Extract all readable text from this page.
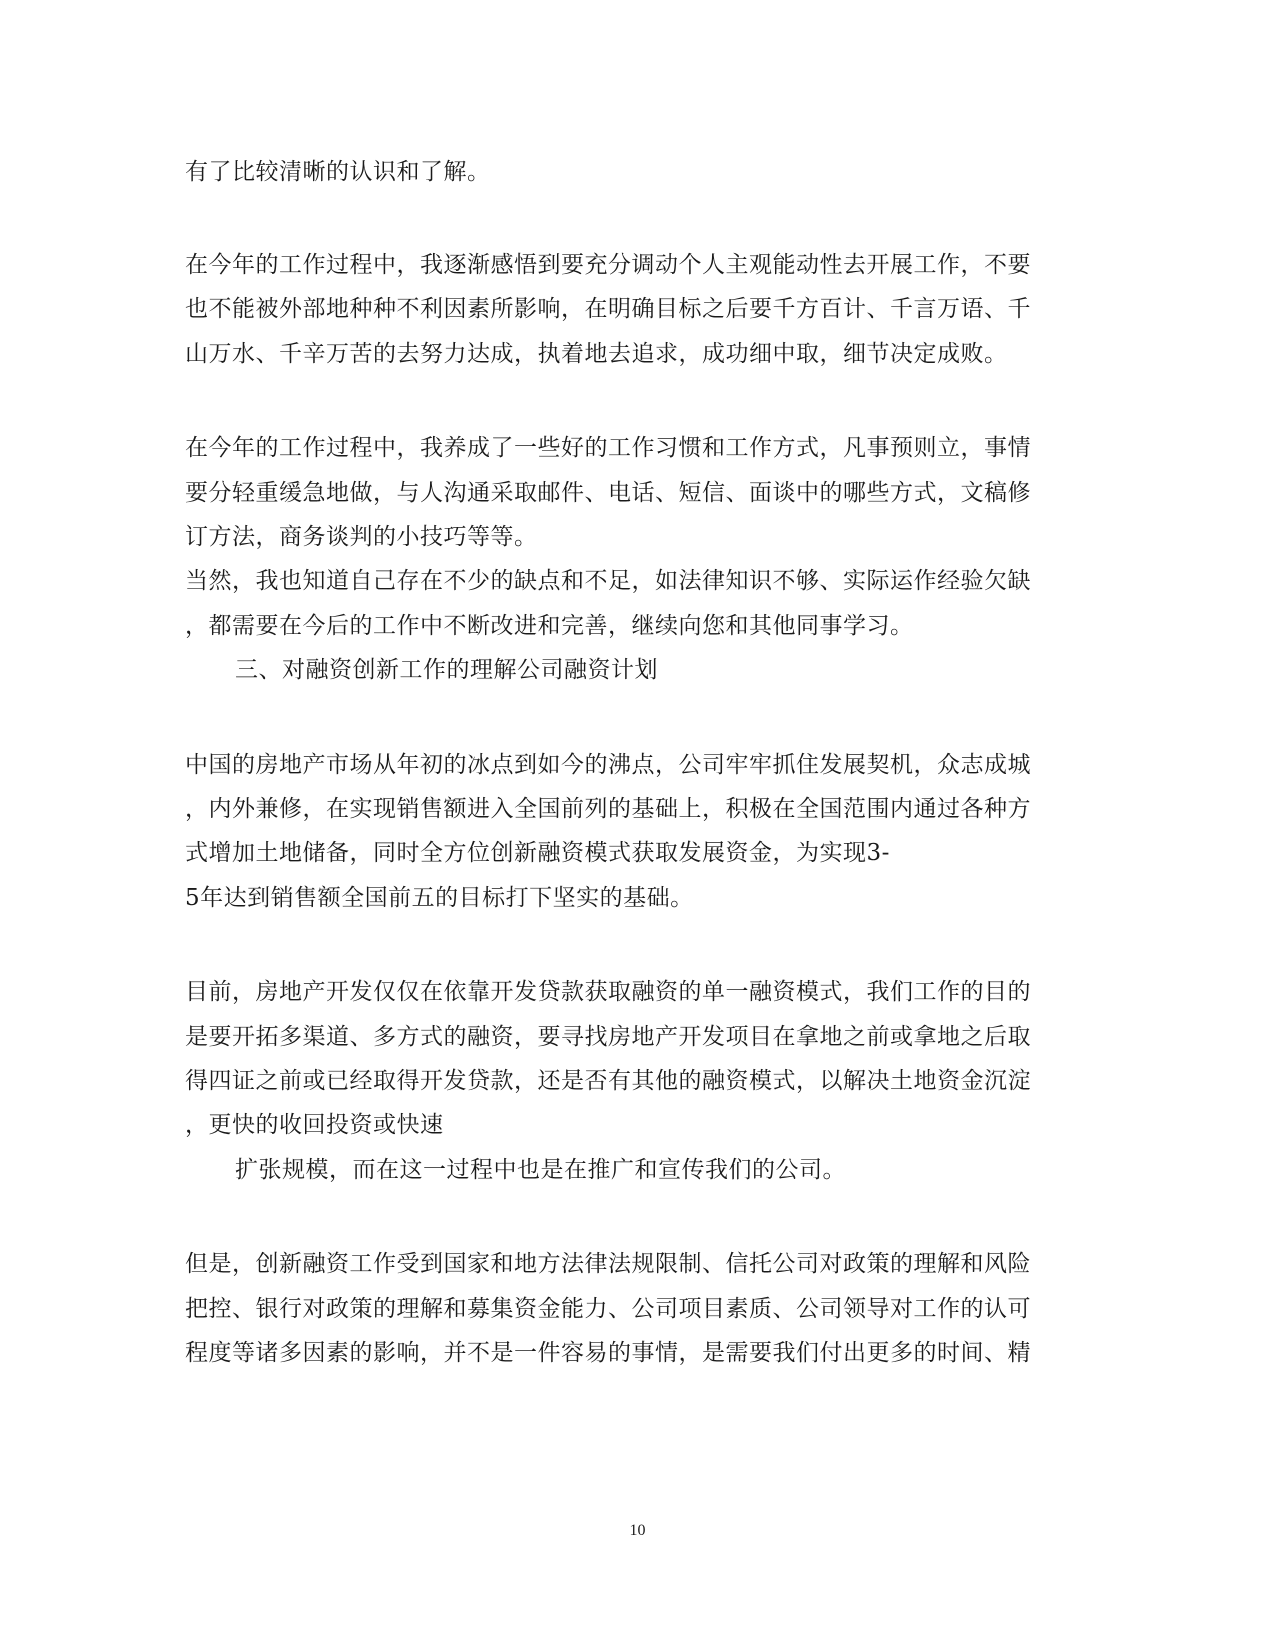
有了比较清晰的认识和了解。
在今年的工作过程中，我逐渐感悟到要充分调动个人主观能动性去开展工作，不要
也不能被外部地种种不利因素所影响，在明确目标之后要千方百计、千言万语、千
山万水、千辛万苦的去努力达成，执着地去追求，成功细中取，细节决定成败。
在今年的工作过程中，我养成了一些好的工作习惯和工作方式，凡事预则立，事情
要分轻重缓急地做，与人沟通采取邮件、电话、短信、面谈中的哪些方式，文稿修
订方法，商务谈判的小技巧等等。
当然，我也知道自己存在不少的缺点和不足，如法律知识不够、实际运作经验欠缺
，都需要在今后的工作中不断改进和完善，继续向您和其他同事学习。
三、对融资创新工作的理解公司融资计划
中国的房地产市场从年初的冰点到如今的沸点，公司牢牢抓住发展契机，众志成城
，内外兼修，在实现销售额进入全国前列的基础上，积极在全国范围内通过各种方
式增加土地储备，同时全方位创新融资模式获取发展资金，为实现3-
5年达到销售额全国前五的目标打下坚实的基础。
目前，房地产开发仅仅在依靠开发贷款获取融资的单一融资模式，我们工作的目的
是要开拓多渠道、多方式的融资，要寻找房地产开发项目在拿地之前或拿地之后取
得四证之前或已经取得开发贷款，还是否有其他的融资模式，以解决土地资金沉淀
，更快的收回投资或快速
扩张规模，而在这一过程中也是在推广和宣传我们的公司。
但是，创新融资工作受到国家和地方法律法规限制、信托公司对政策的理解和风险
把控、银行对政策的理解和募集资金能力、公司项目素质、公司领导对工作的认可
程度等诸多因素的影响，并不是一件容易的事情，是需要我们付出更多的时间、精
10
